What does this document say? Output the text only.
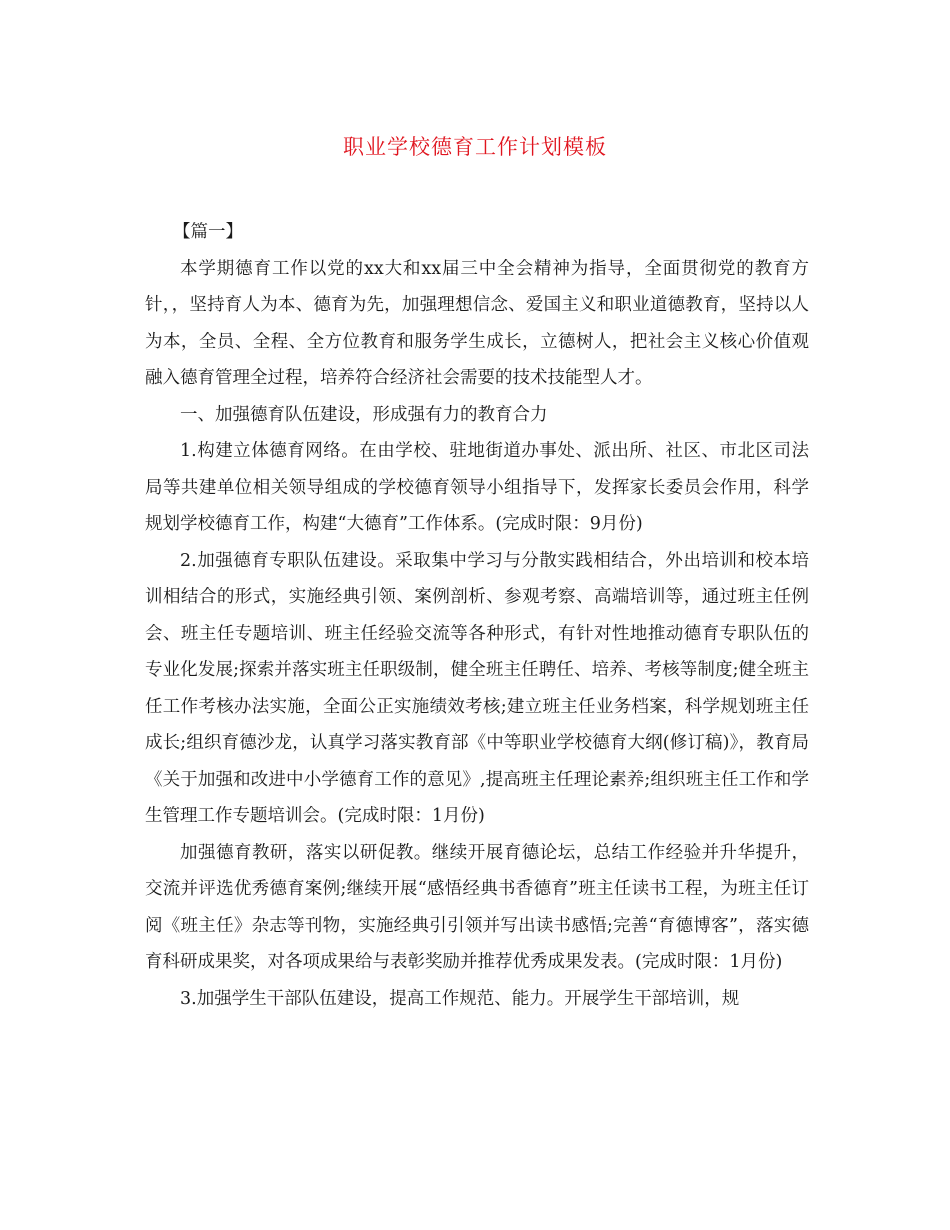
职业学校德育工作计划模板

【篇一】

本学期德育工作以党的xx大和xx届三中全会精神为指导，全面贯彻党的教育方针，，坚持育人为本、德育为先，加强理想信念、爱国主义和职业道德教育，坚持以人为本，全员、全程、全方位教育和服务学生成长，立德树人，把社会主义核心价值观融入德育管理全过程，培养符合经济社会需要的技术技能型人才。

一、加强德育队伍建设，形成强有力的教育合力

1.构建立体德育网络。在由学校、驻地街道办事处、派出所、社区、市北区司法局等共建单位相关领导组成的学校德育领导小组指导下，发挥家长委员会作用，科学规划学校德育工作，构建“大德育”工作体系。(完成时限：9月份)

2.加强德育专职队伍建设。采取集中学习与分散实践相结合，外出培训和校本培训相结合的形式，实施经典引领、案例剖析、参观考察、高端培训等，通过班主任例会、班主任专题培训、班主任经验交流等各种形式，有针对性地推动德育专职队伍的专业化发展;探索并落实班主任职级制，健全班主任聘任、培养、考核等制度;健全班主任工作考核办法实施，全面公正实施绩效考核;建立班主任业务档案，科学规划班主任成长;组织育德沙龙，认真学习落实教育部《中等职业学校德育大纲(修订稿)》，教育局《关于加强和改进中小学德育工作的意见》,提高班主任理论素养;组织班主任工作和学生管理工作专题培训会。(完成时限：1月份)

加强德育教研，落实以研促教。继续开展育德论坛，总结工作经验并升华提升，交流并评选优秀德育案例;继续开展“感悟经典书香德育”班主任读书工程，为班主任订阅《班主任》杂志等刊物，实施经典引引领并写出读书感悟;完善“育德博客”，落实德育科研成果奖，对各项成果给与表彰奖励并推荐优秀成果发表。(完成时限：1月份)

3.加强学生干部队伍建设，提高工作规范、能力。开展学生干部培训，规
